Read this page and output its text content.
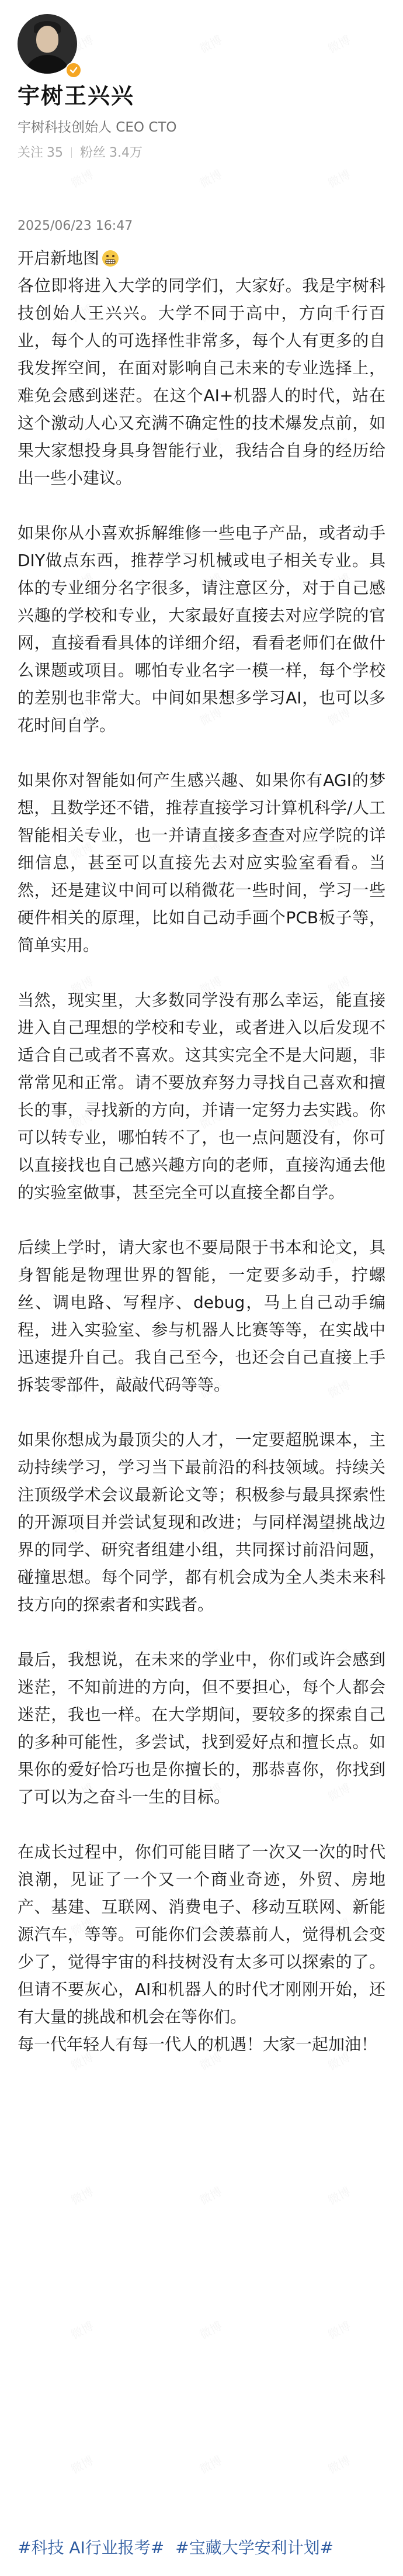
宇树王兴兴
宇树科技创始人 CEO CTO
关注 35 粉丝 3.4万
2025/06/23 16:47

开启新地图

各位即将进入大学的同学们，大家好。我是宇树科技创始人王兴兴。大学不同于高中，方向千行百业，每个人的可选择性非常多，每个人有更多的自我发挥空间，在面对影响自己未来的专业选择上，难免会感到迷茫。在这个AI+机器人的时代，站在这个激动人心又充满不确定性的技术爆发点前，如果大家想投身具身智能行业，我结合自身的经历给出一些小建议。

如果你从小喜欢拆解维修一些电子产品，或者动手DIY做点东西，推荐学习机械或电子相关专业。具体的专业细分名字很多，请注意区分，对于自己感兴趣的学校和专业，大家最好直接去对应学院的官网，直接看看具体的详细介绍，看看老师们在做什么课题或项目。哪怕专业名字一模一样，每个学校的差别也非常大。中间如果想多学习AI，也可以多花时间自学。

如果你对智能如何产生感兴趣、如果你有AGI的梦想，且数学还不错，推荐直接学习计算机科学/人工智能相关专业，也一并请直接多查查对应学院的详细信息，甚至可以直接先去对应实验室看看。当然，还是建议中间可以稍微花一些时间，学习一些硬件相关的原理，比如自己动手画个PCB板子等，简单实用。

当然，现实里，大多数同学没有那么幸运，能直接进入自己理想的学校和专业，或者进入以后发现不适合自己或者不喜欢。这其实完全不是大问题，非常常见和正常。请不要放弃努力寻找自己喜欢和擅长的事，寻找新的方向，并请一定努力去实践。你可以转专业，哪怕转不了，也一点问题没有，你可以直接找也自己感兴趣方向的老师，直接沟通去他的实验室做事，甚至完全可以直接全都自学。

后续上学时，请大家也不要局限于书本和论文，具身智能是物理世界的智能，一定要多动手，拧螺丝、调电路、写程序、debug，马上自己动手编程，进入实验室、参与机器人比赛等等，在实战中迅速提升自己。我自己至今，也还会自己直接上手拆装零部件，敲敲代码等等。

如果你想成为最顶尖的人才，一定要超脱课本，主动持续学习，学习当下最前沿的科技领域。持续关注顶级学术会议最新论文等；积极参与最具探索性的开源项目并尝试复现和改进；与同样渴望挑战边界的同学、研究者组建小组，共同探讨前沿问题，碰撞思想。每个同学，都有机会成为全人类未来科技方向的探索者和实践者。

最后，我想说，在未来的学业中，你们或许会感到迷茫，不知前进的方向，但不要担心，每个人都会迷茫，我也一样。在大学期间，要较多的探索自己的多种可能性，多尝试，找到爱好点和擅长点。如果你的爱好恰巧也是你擅长的，那恭喜你，你找到了可以为之奋斗一生的目标。

在成长过程中，你们可能目睹了一次又一次的时代浪潮，见证了一个又一个商业奇迹，外贸、房地产、基建、互联网、消费电子、移动互联网、新能源汽车，等等。可能你们会羡慕前人，觉得机会变少了，觉得宇宙的科技树没有太多可以探索的了。但请不要灰心，AI和机器人的时代才刚刚开始，还有大量的挑战和机会在等你们。

每一代年轻人有每一代人的机遇！大家一起加油！

#科技 AI行业报考# #宝藏大学安利计划#
